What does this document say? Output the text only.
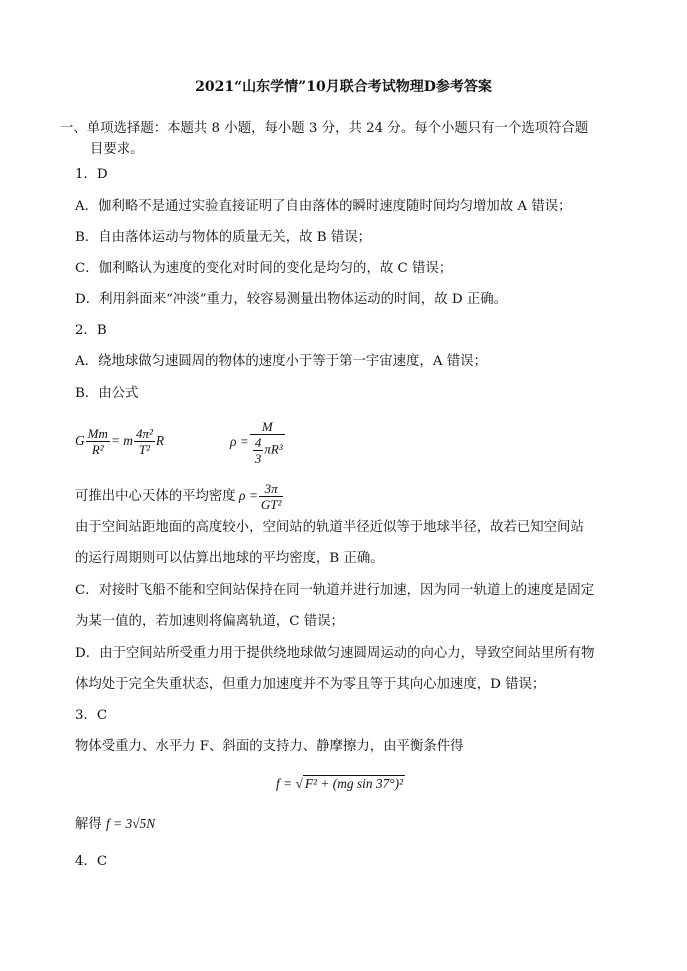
2021“山东学情”10月联合考试物理D参考答案
一、单项选择题：本题共 8 小题，每小题 3 分，共 24 分。每个小题只有一个选项符合题
目要求。
1．D
A．伽利略不是通过实验直接证明了自由落体的瞬时速度随时间均匀增加故 A 错误；
B．自由落体运动与物体的质量无关，故 B 错误；
C．伽利略认为速度的变化对时间的变化是均匀的，故 C 错误；
D．利用斜面来“冲淡”重力，较容易测量出物体运动的时间，故 D 正确。
2．B
A．绕地球做匀速圆周的物体的速度小于等于第一宇宙速度，A 错误；
B．由公式
G $\frac{Mm}{\text{R²}} = m \frac{\text{4π²}}{\text{T²}}$ R	$\rho = \frac{M}{\frac{4}{3} \pi R^3}$
可推出中心天体的平均密度 $\rho = \frac{3\pi}{\text{GT²}}$
由于空间站距地面的高度较小，空间站的轨道半径近似等于地球半径，故若已知空间站
的运行周期则可以估算出地球的平均密度，B 正确。
C．对接时飞船不能和空间站保持在同一轨道并进行加速，因为同一轨道上的速度是固定
为某一值的，若加速则将偏离轨道，C 错误；
D．由于空间站所受重力用于提供绕地球做匀速圆周运动的向心力，导致空间站里所有物
体均处于完全失重状态，但重力加速度并不为零且等于其向心加速度，D 错误；
3．C
物体受重力、水平力 F、斜面的支持力、静摩擦力，由平衡条件得
f = √ F² + (mg sin 37°)²
解得 f = 3√5N
4．C
